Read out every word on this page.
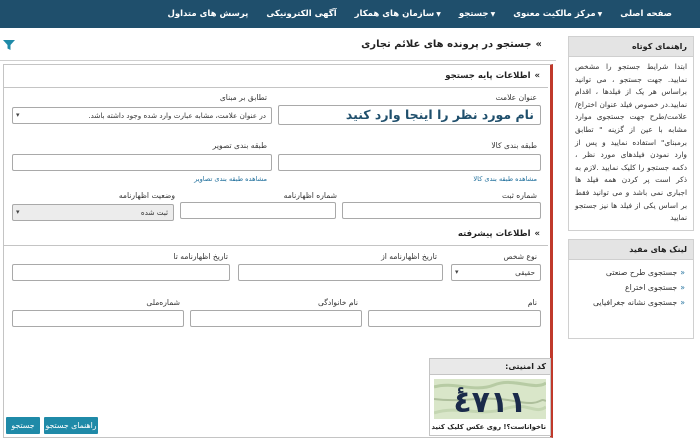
صفحه اصلی
▼مرکز مالکیت معنوی
▼جستجو
▼سازمان های همکار
آگهی الکترونیکی
پرسش های متداول
»جستجو در پرونده های علائم تجاری
»اطلاعات پایه جستجو
عنوان علامت
نام مورد نظر را اینجا وارد کنید
تطابق بر مبنای
در عنوان علامت، مشابه عبارت وارد شده وجود داشته باشد.
▾
طبقه بندی کالا
مشاهده طبقه بندی کالا
طبقه بندی تصویر
مشاهده طبقه بندی تصاویر
شماره ثبت
شماره اظهارنامه
وضعیت اظهارنامه
ثبت شده
▾
»اطلاعات پیشرفته
نوع شخص
حقیقی
▾
تاریخ اظهارنامه از
تاریخ اظهارنامه تا
نام
نام خانوادگی
شماره‌ملی
کد امنیتی:
ٔ٤٧١١
ناخواناست؟! روی عکس کلیک کنید
جستجو	راهنمای جستجو
راهنمای کوتاه
ابتدا شرایط جستجو را مشخص نمایید. جهت جستجو ، می توانید براساس هر یک از فیلدها ، اقدام نمایید.در خصوص فیلد عنوان اختراع/علامت/طرح جهت جستجوی موارد مشابه با عین از گزینه " تطابق برمبنای" استفاده نمایید و پس از وارد نمودن فیلدهای مورد نظر ، دکمه جستجو را کلیک نمایید .لازم به ذکر است پر کردن همه فیلد ها اجباری نمی باشد و می توانید فقط بر اساس یکی از فیلد ها نیز جستجو نمایید
لینک های مفید
«جستجوی طرح صنعتی
«جستجوی اختراع
«جستجوی نشانه جغرافیایی
